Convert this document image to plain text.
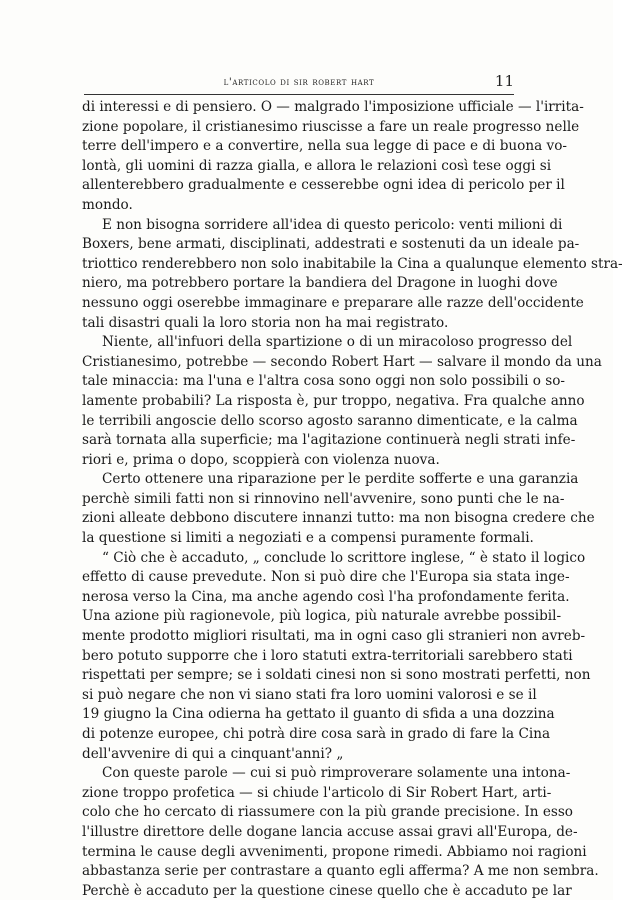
l'articolo di sir robert hart	11
di interessi e di pensiero. O — malgrado l'imposizione ufficiale — l'irrita-
zione popolare, il cristianesimo riuscisse a fare un reale progresso nelle
terre dell'impero e a convertire, nella sua legge di pace e di buona vo-
lontà, gli uomini di razza gialla, e allora le relazioni così tese oggi si
allenterebbero gradualmente e cesserebbe ogni idea di pericolo per il
mondo.
E non bisogna sorridere all'idea di questo pericolo: venti milioni di
Boxers, bene armati, disciplinati, addestrati e sostenuti da un ideale pa-
triottico renderebbero non solo inabitabile la Cina a qualunque elemento stra-
niero, ma potrebbero portare la bandiera del Dragone in luoghi dove
nessuno oggi oserebbe immaginare e preparare alle razze dell'occidente
tali disastri quali la loro storia non ha mai registrato.
Niente, all'infuori della spartizione o di un miracoloso progresso del
Cristianesimo, potrebbe — secondo Robert Hart — salvare il mondo da una
tale minaccia: ma l'una e l'altra cosa sono oggi non solo possibili o so-
lamente probabili? La risposta è, pur troppo, negativa. Fra qualche anno
le terribili angoscie dello scorso agosto saranno dimenticate, e la calma
sarà tornata alla superficie; ma l'agitazione continuerà negli strati infe-
riori e, prima o dopo, scoppierà con violenza nuova.
Certo ottenere una riparazione per le perdite sofferte e una garanzia
perchè simili fatti non si rinnovino nell'avvenire, sono punti che le na-
zioni alleate debbono discutere innanzi tutto: ma non bisogna credere che
la questione si limiti a negoziati e a compensi puramente formali.
“ Ciò che è accaduto, „ conclude lo scrittore inglese, “ è stato il logico
effetto di cause prevedute. Non si può dire che l'Europa sia stata inge-
nerosa verso la Cina, ma anche agendo così l'ha profondamente ferita.
Una azione più ragionevole, più logica, più naturale avrebbe possibil-
mente prodotto migliori risultati, ma in ogni caso gli stranieri non avreb-
bero potuto supporre che i loro statuti extra-territoriali sarebbero stati
rispettati per sempre; se i soldati cinesi non si sono mostrati perfetti, non
si può negare che non vi siano stati fra loro uomini valorosi e se il
19 giugno la Cina odierna ha gettato il guanto di sfida a una dozzina
di potenze europee, chi potrà dire cosa sarà in grado di fare la Cina
dell'avvenire di qui a cinquant'anni? „
Con queste parole — cui si può rimproverare solamente una intona-
zione troppo profetica — si chiude l'articolo di Sir Robert Hart, arti-
colo che ho cercato di riassumere con la più grande precisione. In esso
l'illustre direttore delle dogane lancia accuse assai gravi all'Europa, de-
termina le cause degli avvenimenti, propone rimedi. Abbiamo noi ragioni
abbastanza serie per contrastare a quanto egli afferma? A me non sembra.
Perchè è accaduto per la questione cinese quello che è accaduto pe lar
